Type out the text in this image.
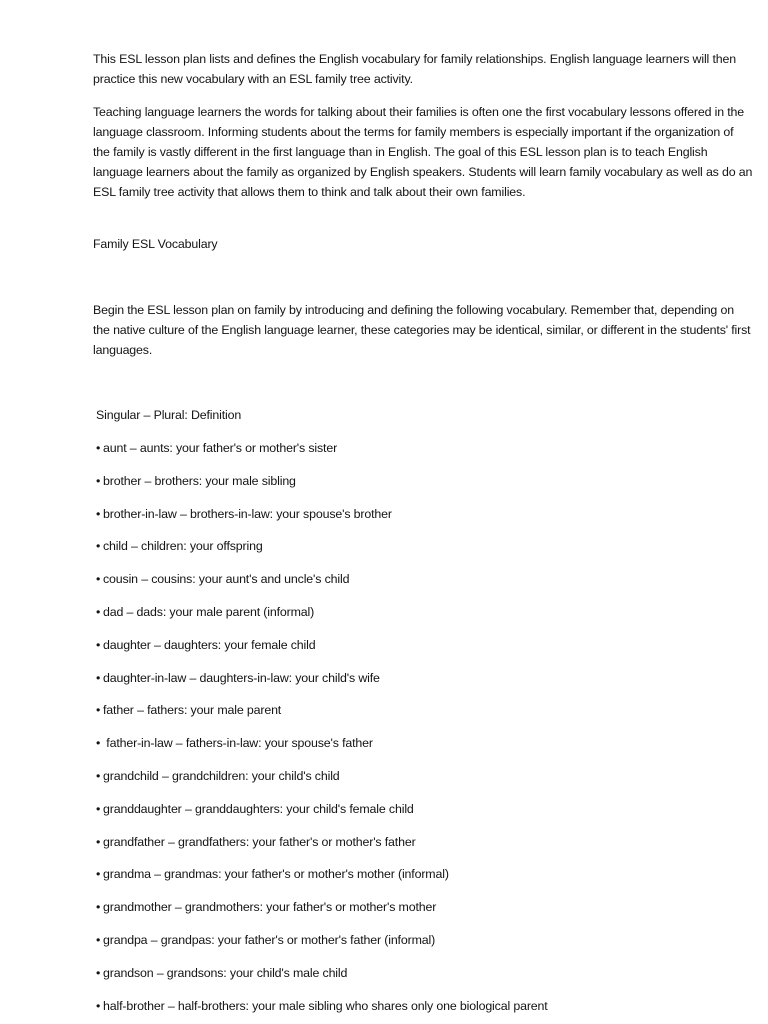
This ESL lesson plan lists and defines the English vocabulary for family relationships. English language learners will then practice this new vocabulary with an ESL family tree activity.

Teaching language learners the words for talking about their families is often one the first vocabulary lessons offered in the language classroom. Informing students about the terms for family members is especially important if the organization of the family is vastly different in the first language than in English. The goal of this ESL lesson plan is to teach English language learners about the family as organized by English speakers. Students will learn family vocabulary as well as do an ESL family tree activity that allows them to think and talk about their own families.

Family ESL Vocabulary

Begin the ESL lesson plan on family by introducing and defining the following vocabulary. Remember that, depending on the native culture of the English language learner, these categories may be identical, similar, or different in the students' first languages.

Singular – Plural: Definition

• aunt – aunts: your father's or mother's sister
• brother – brothers: your male sibling
• brother-in-law – brothers-in-law: your spouse's brother
• child – children: your offspring
• cousin – cousins: your aunt's and uncle's child
• dad – dads: your male parent (informal)
• daughter – daughters: your female child
• daughter-in-law – daughters-in-law: your child's wife
• father – fathers: your male parent
• father-in-law – fathers-in-law: your spouse's father
• grandchild – grandchildren: your child's child
• granddaughter – granddaughters: your child's female child
• grandfather – grandfathers: your father's or mother's father
• grandma – grandmas: your father's or mother's mother (informal)
• grandmother – grandmothers: your father's or mother's mother
• grandpa – grandpas: your father's or mother's father (informal)
• grandson – grandsons: your child's male child
• half-brother – half-brothers: your male sibling who shares only one biological parent
